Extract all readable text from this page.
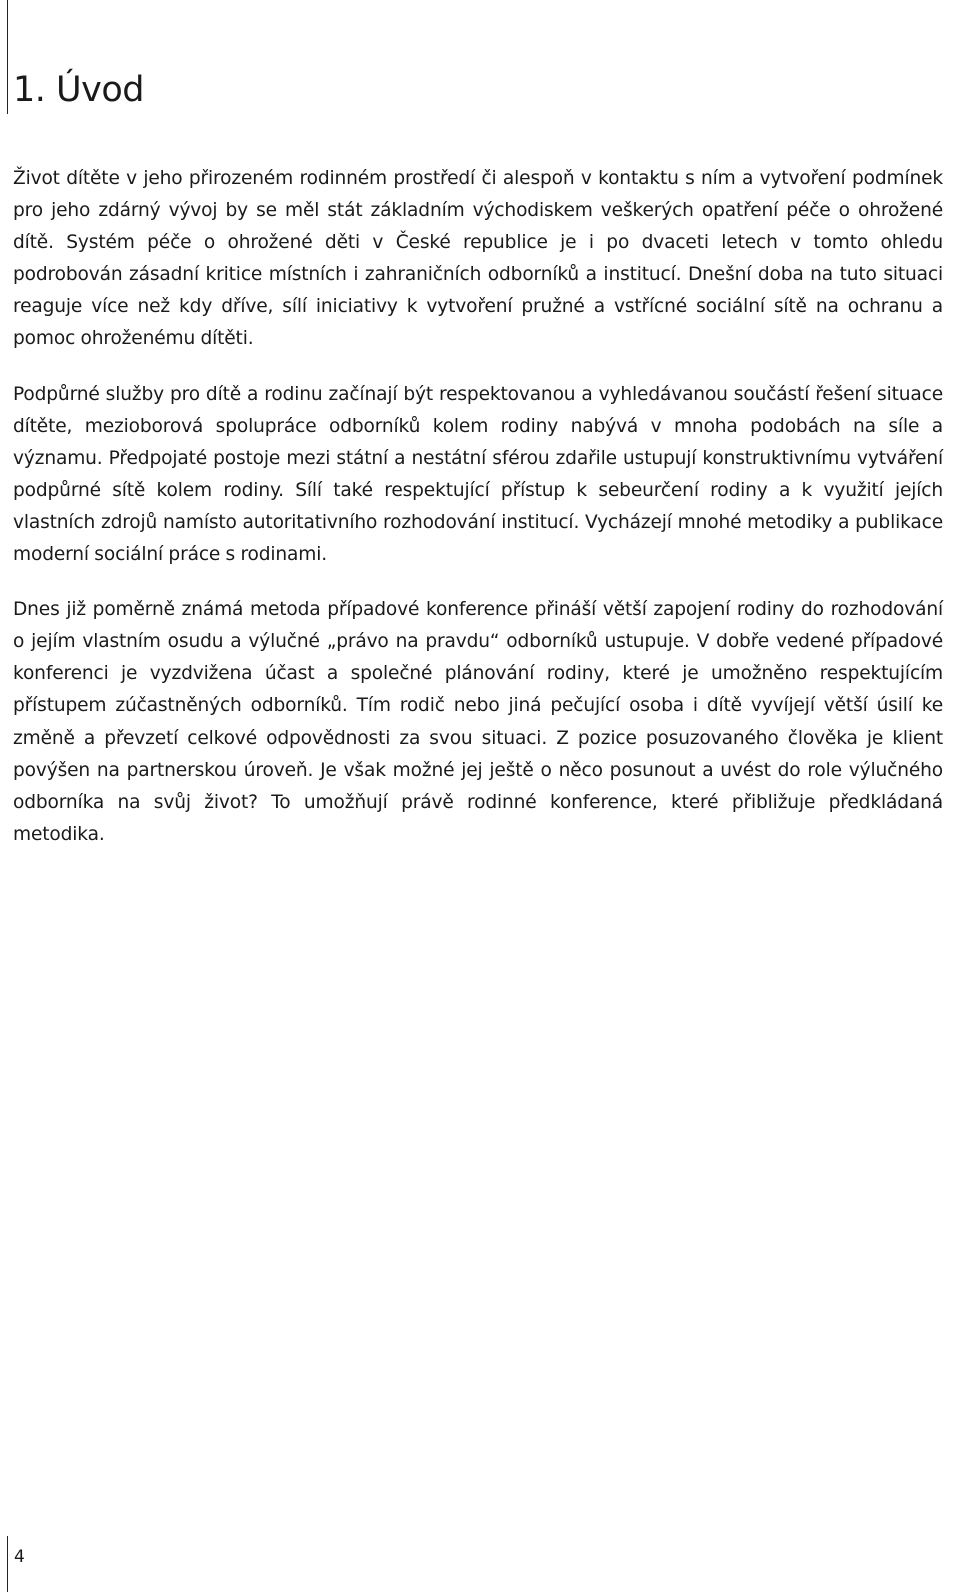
1. Úvod

Život dítěte v jeho přirozeném rodinném prostředí či alespoň v kontaktu s ním a vytvoření podmínek pro jeho zdárný vývoj by se měl stát základním východiskem veškerých opatření péče o ohrožené dítě. Systém péče o ohrožené děti v České republice je i po dvaceti letech v tomto ohledu podrobován zásadní kritice místních i zahraničních odborníků a institucí. Dnešní doba na tuto situaci reaguje více než kdy dříve, sílí iniciativy k vytvoření pružné a vstřícné sociální sítě na ochranu a pomoc ohroženému dítěti.

Podpůrné služby pro dítě a rodinu začínají být respektovanou a vyhledávanou součástí řešení situace dítěte, mezioborová spolupráce odborníků kolem rodiny nabývá v mnoha podobách na síle a významu. Předpojaté postoje mezi státní a nestátní sférou zdařile ustupují konstruktivnímu vytváření podpůrné sítě kolem rodiny. Sílí také respektující přístup k sebeurčení rodiny a k využití jejích vlastních zdrojů namísto autoritativního rozhodování institucí. Vycházejí mnohé metodiky a publikace moderní sociální práce s rodinami.

Dnes již poměrně známá metoda případové konference přináší větší zapojení rodiny do rozhodování o jejím vlastním osudu a výlučné „právo na pravdu“ odborníků ustupuje. V dobře vedené případové konferenci je vyzdvižena účast a společné plánování rodiny, které je umožněno respektujícím přístupem zúčastněných odborníků. Tím rodič nebo jiná pečující osoba i dítě vyvíjejí větší úsilí ke změně a převzetí celkové odpovědnosti za svou situaci. Z pozice posuzovaného člověka je klient povýšen na partnerskou úroveň. Je však možné jej ještě o něco posunout a uvést do role výlučného odborníka na svůj život? To umožňují právě rodinné konference, které přibližuje předkládaná metodika.

4
